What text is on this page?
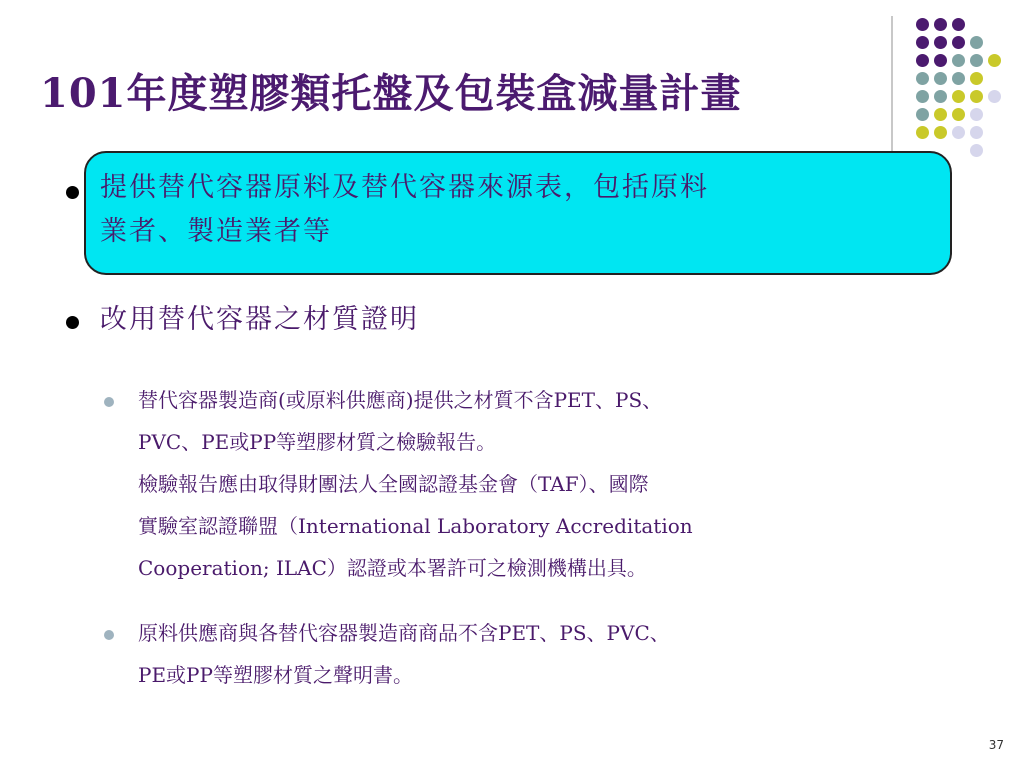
101年度塑膠類托盤及包裝盒減量計畫
提供替代容器原料及替代容器來源表，包括原料
業者、製造業者等
改用替代容器之材質證明
替代容器製造商(或原料供應商)提供之材質不含PET、PS、
PVC、PE或PP等塑膠材質之檢驗報告。
檢驗報告應由取得財團法人全國認證基金會（TAF）、國際
實驗室認證聯盟（International Laboratory Accreditation
Cooperation; ILAC）認證或本署許可之檢測機構出具。
原料供應商與各替代容器製造商商品不含PET、PS、PVC、
PE或PP等塑膠材質之聲明書。
37
